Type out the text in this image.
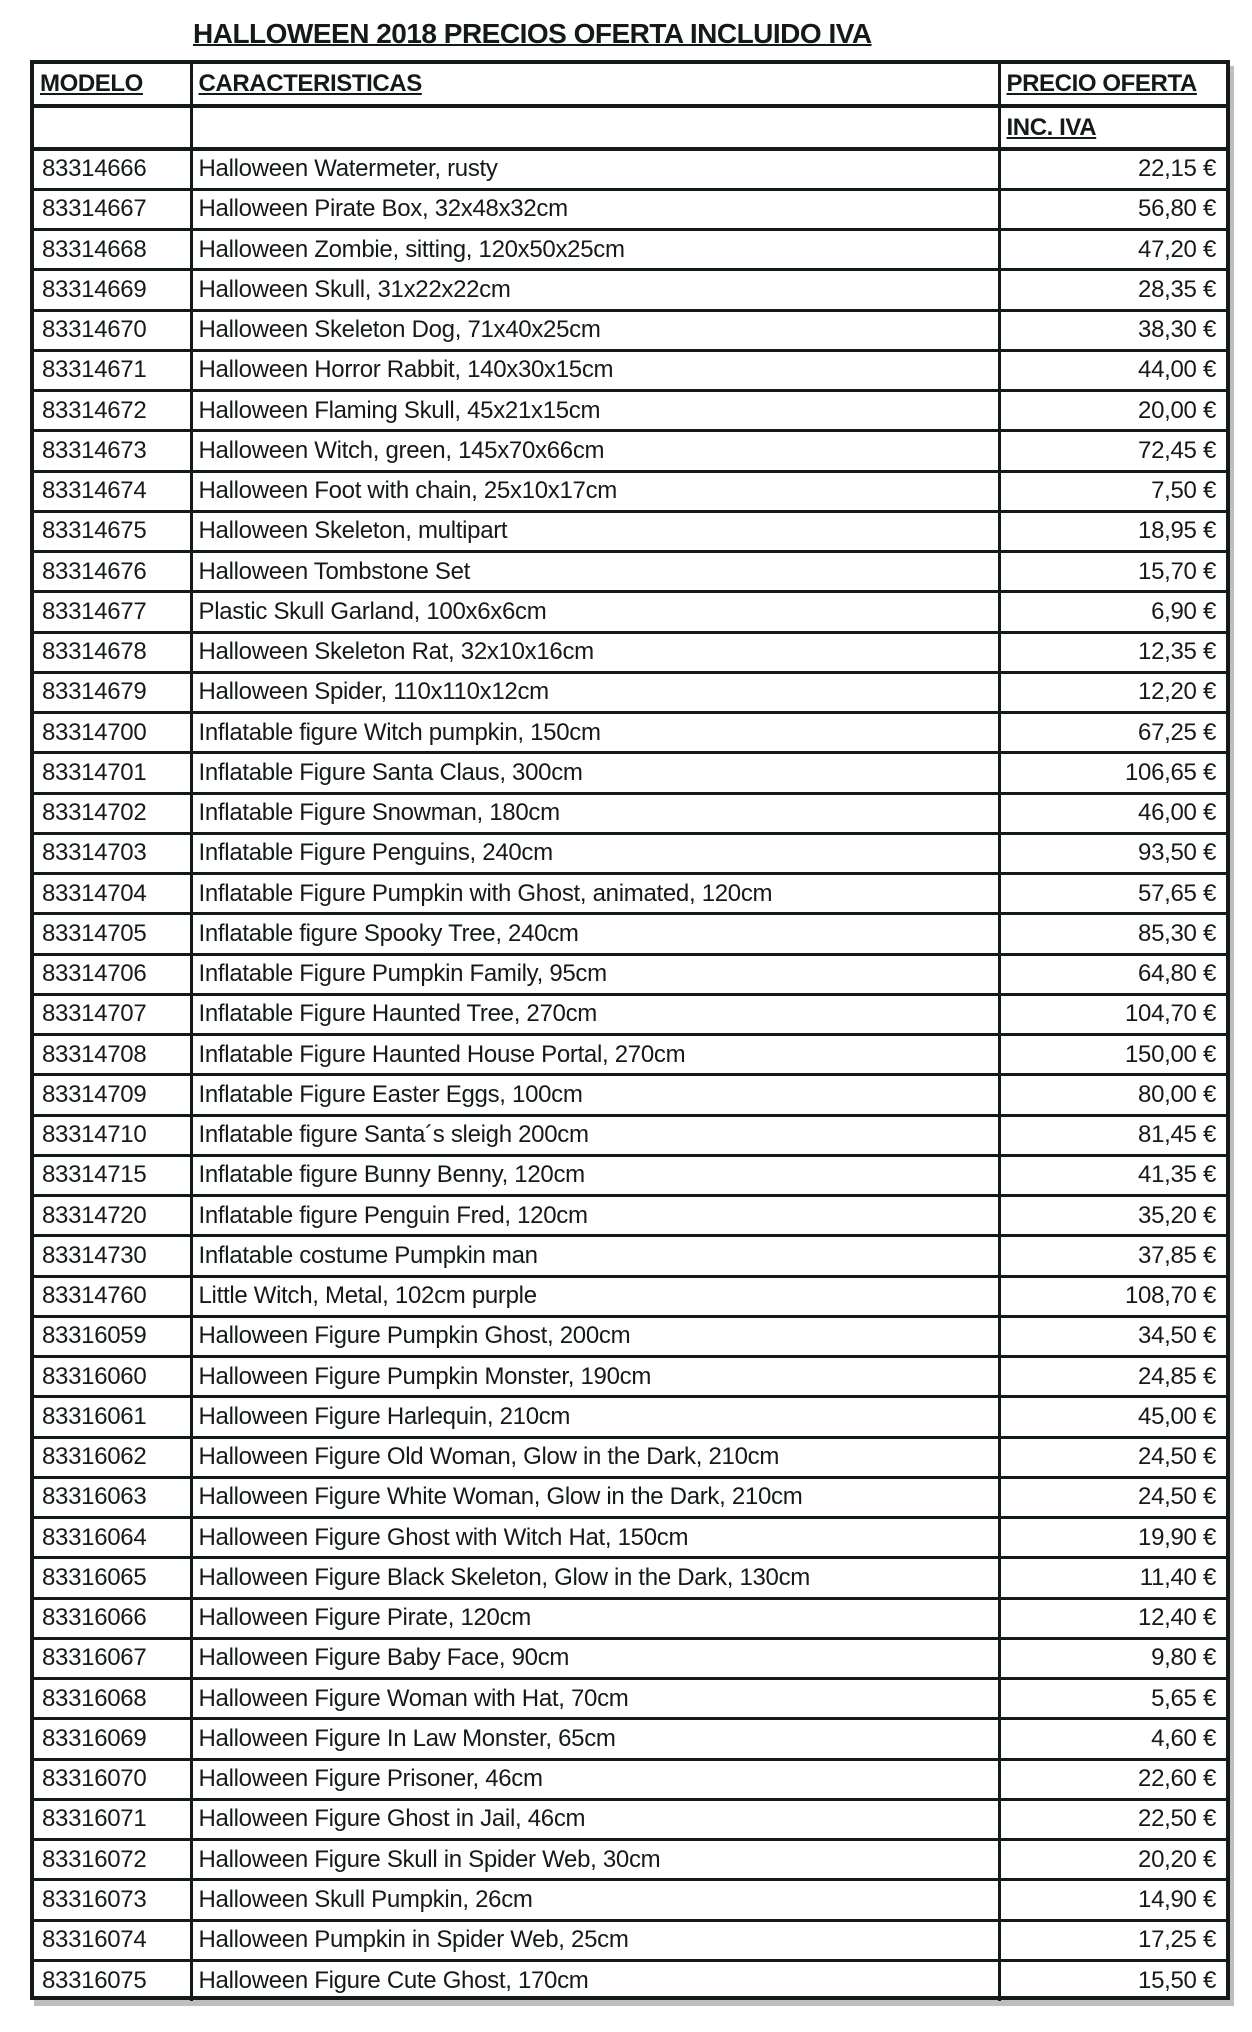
HALLOWEEN 2018 PRECIOS OFERTA INCLUIDO IVA
MODELO	CARACTERISTICAS	PRECIO OFERTA
		INC. IVA
83314666	Halloween Watermeter, rusty	22,15 €
83314667	Halloween Pirate Box, 32x48x32cm	56,80 €
83314668	Halloween Zombie, sitting, 120x50x25cm	47,20 €
83314669	Halloween Skull, 31x22x22cm	28,35 €
83314670	Halloween Skeleton Dog, 71x40x25cm	38,30 €
83314671	Halloween Horror Rabbit, 140x30x15cm	44,00 €
83314672	Halloween Flaming Skull, 45x21x15cm	20,00 €
83314673	Halloween Witch, green, 145x70x66cm	72,45 €
83314674	Halloween Foot with chain, 25x10x17cm	7,50 €
83314675	Halloween Skeleton, multipart	18,95 €
83314676	Halloween Tombstone Set	15,70 €
83314677	Plastic Skull Garland, 100x6x6cm	6,90 €
83314678	Halloween Skeleton Rat, 32x10x16cm	12,35 €
83314679	Halloween Spider, 110x110x12cm	12,20 €
83314700	Inflatable figure Witch pumpkin, 150cm	67,25 €
83314701	Inflatable Figure Santa Claus, 300cm	106,65 €
83314702	Inflatable Figure Snowman, 180cm	46,00 €
83314703	Inflatable Figure Penguins, 240cm	93,50 €
83314704	Inflatable Figure Pumpkin with Ghost, animated, 120cm	57,65 €
83314705	Inflatable figure Spooky Tree, 240cm	85,30 €
83314706	Inflatable Figure Pumpkin Family, 95cm	64,80 €
83314707	Inflatable Figure Haunted Tree, 270cm	104,70 €
83314708	Inflatable Figure Haunted House Portal, 270cm	150,00 €
83314709	Inflatable Figure Easter Eggs, 100cm	80,00 €
83314710	Inflatable figure Santa´s sleigh 200cm	81,45 €
83314715	Inflatable figure Bunny Benny, 120cm	41,35 €
83314720	Inflatable figure Penguin Fred, 120cm	35,20 €
83314730	Inflatable costume Pumpkin man	37,85 €
83314760	Little Witch, Metal, 102cm purple	108,70 €
83316059	Halloween Figure Pumpkin Ghost, 200cm	34,50 €
83316060	Halloween Figure Pumpkin Monster, 190cm	24,85 €
83316061	Halloween Figure Harlequin, 210cm	45,00 €
83316062	Halloween Figure Old Woman, Glow in the Dark, 210cm	24,50 €
83316063	Halloween Figure White Woman, Glow in the Dark, 210cm	24,50 €
83316064	Halloween Figure Ghost with Witch Hat, 150cm	19,90 €
83316065	Halloween Figure Black Skeleton, Glow in the Dark, 130cm	11,40 €
83316066	Halloween Figure Pirate, 120cm	12,40 €
83316067	Halloween Figure Baby Face, 90cm	9,80 €
83316068	Halloween Figure Woman with Hat, 70cm	5,65 €
83316069	Halloween Figure In Law Monster, 65cm	4,60 €
83316070	Halloween Figure Prisoner, 46cm	22,60 €
83316071	Halloween Figure Ghost in Jail, 46cm	22,50 €
83316072	Halloween Figure Skull in Spider Web, 30cm	20,20 €
83316073	Halloween Skull Pumpkin, 26cm	14,90 €
83316074	Halloween Pumpkin in Spider Web, 25cm	17,25 €
83316075	Halloween Figure Cute Ghost, 170cm	15,50 €
